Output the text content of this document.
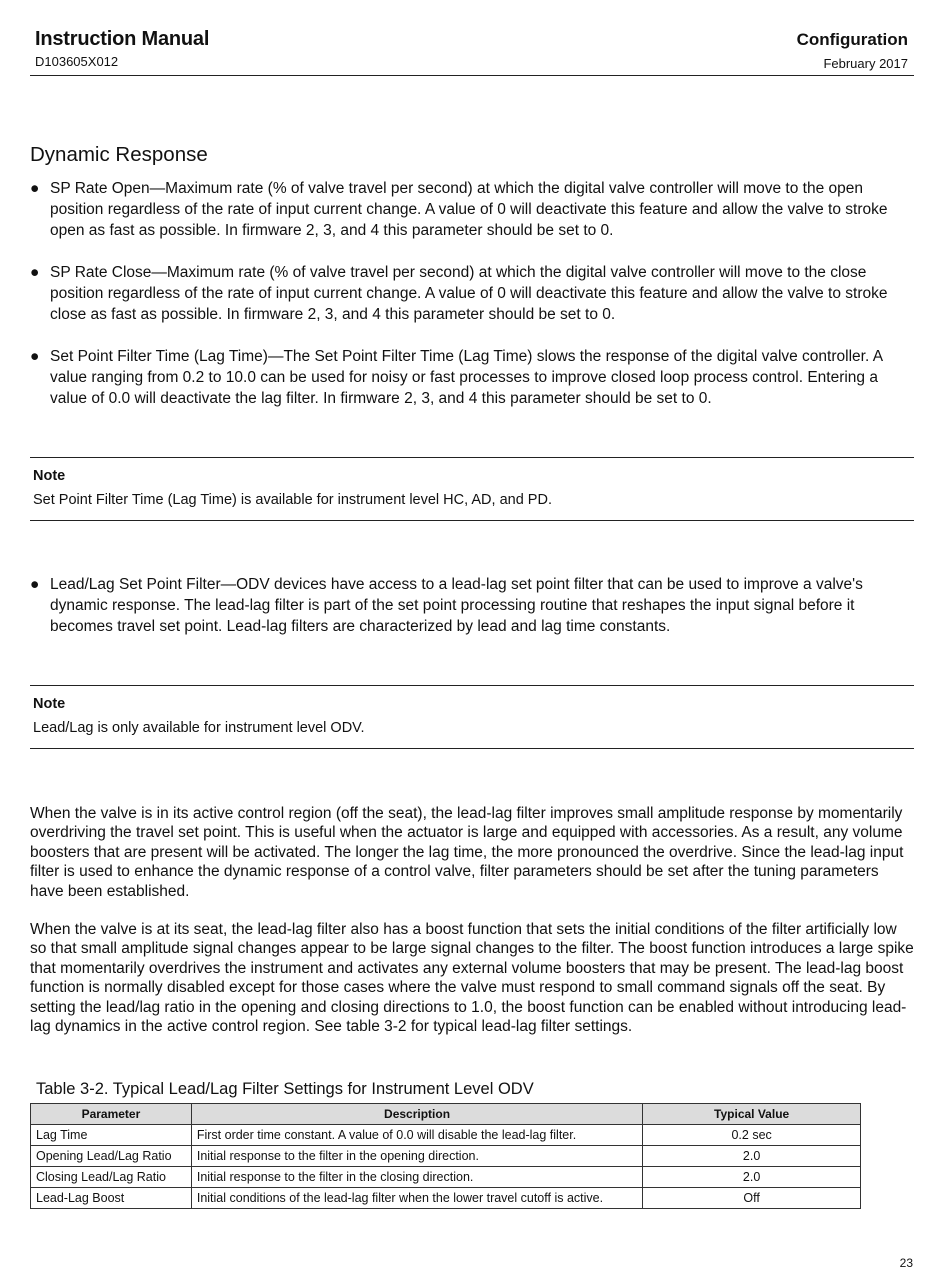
Instruction Manual
D103605X012
Configuration
February 2017
Dynamic Response
● SP Rate Open—Maximum rate (% of valve travel per second) at which the digital valve controller will move to the open position regardless of the rate of input current change. A value of 0 will deactivate this feature and allow the valve to stroke open as fast as possible. In firmware 2, 3, and 4 this parameter should be set to 0.
● SP Rate Close—Maximum rate (% of valve travel per second) at which the digital valve controller will move to the close position regardless of the rate of input current change. A value of 0 will deactivate this feature and allow the valve to stroke close as fast as possible. In firmware 2, 3, and 4 this parameter should be set to 0.
● Set Point Filter Time (Lag Time)—The Set Point Filter Time (Lag Time) slows the response of the digital valve controller. A value ranging from 0.2 to 10.0 can be used for noisy or fast processes to improve closed loop process control. Entering a value of 0.0 will deactivate the lag filter. In firmware 2, 3, and 4 this parameter should be set to 0.
Note
Set Point Filter Time (Lag Time) is available for instrument level HC, AD, and PD.
● Lead/Lag Set Point Filter—ODV devices have access to a lead‐lag set point filter that can be used to improve a valve's dynamic response. The lead‐lag filter is part of the set point processing routine that reshapes the input signal before it becomes travel set point. Lead‐lag filters are characterized by lead and lag time constants.
Note
Lead/Lag is only available for instrument level ODV.
When the valve is in its active control region (off the seat), the lead‐lag filter improves small amplitude response by momentarily overdriving the travel set point. This is useful when the actuator is large and equipped with accessories. As a result, any volume boosters that are present will be activated. The longer the lag time, the more pronounced the overdrive. Since the lead‐lag input filter is used to enhance the dynamic response of a control valve, filter parameters should be set after the tuning parameters have been established.
When the valve is at its seat, the lead‐lag filter also has a boost function that sets the initial conditions of the filter artificially low so that small amplitude signal changes appear to be large signal changes to the filter. The boost function introduces a large spike that momentarily overdrives the instrument and activates any external volume boosters that may be present. The lead‐lag boost function is normally disabled except for those cases where the valve must respond to small command signals off the seat. By setting the lead/lag ratio in the opening and closing directions to 1.0, the boost function can be enabled without introducing lead‐lag dynamics in the active control region. See table 3‐2 for typical lead‐lag filter settings.
Table 3‐2. Typical Lead/Lag Filter Settings for Instrument Level ODV
Parameter	Description	Typical Value
Lag Time	First order time constant. A value of 0.0 will disable the lead‐lag filter.	0.2 sec
Opening Lead/Lag Ratio	Initial response to the filter in the opening direction.	2.0
Closing Lead/Lag Ratio	Initial response to the filter in the closing direction.	2.0
Lead‐Lag Boost	Initial conditions of the lead‐lag filter when the lower travel cutoff is active.	Off
23
